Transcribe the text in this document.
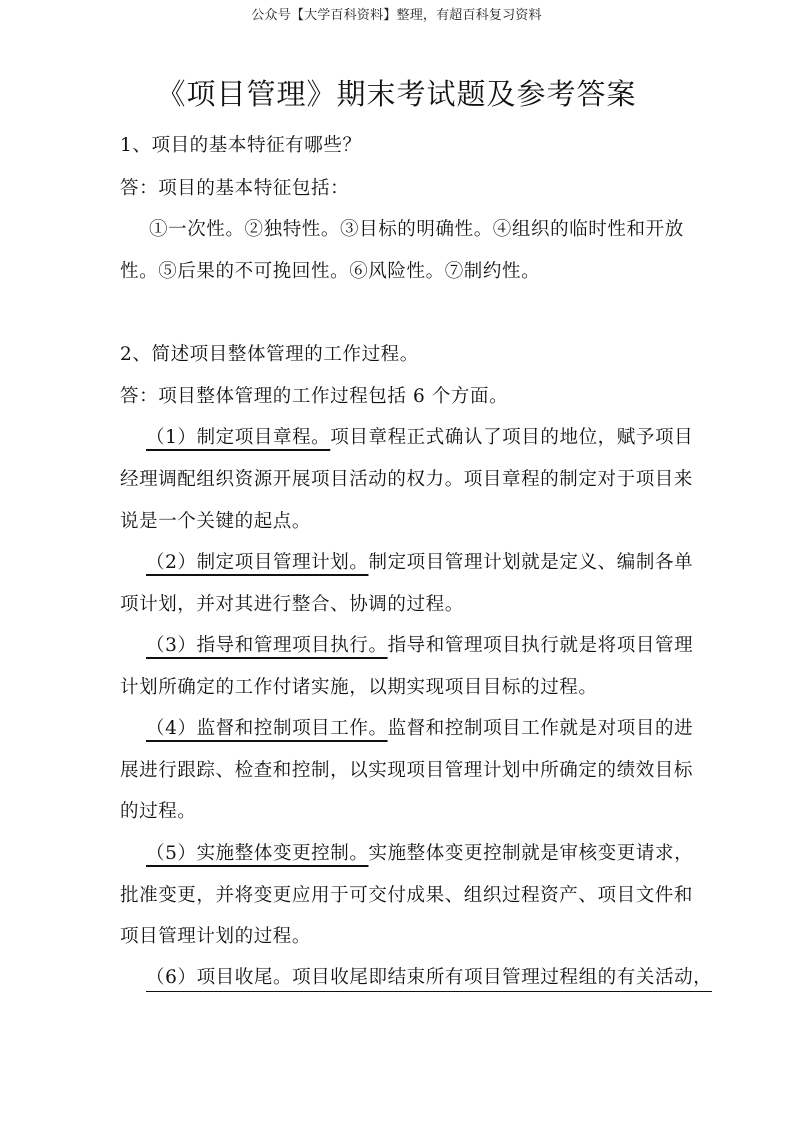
公众号【大学百科资料】整理，有超百科复习资料
《项目管理》期末考试题及参考答案
1、项目的基本特征有哪些？
答：项目的基本特征包括：
①一次性。②独特性。③目标的明确性。④组织的临时性和开放
性。⑤后果的不可挽回性。⑥风险性。⑦制约性。
2、简述项目整体管理的工作过程。
答：项目整体管理的工作过程包括 6 个方面。
（1）制定项目章程。项目章程正式确认了项目的地位，赋予项目
经理调配组织资源开展项目活动的权力。项目章程的制定对于项目来
说是一个关键的起点。
（2）制定项目管理计划。制定项目管理计划就是定义、编制各单
项计划，并对其进行整合、协调的过程。
（3）指导和管理项目执行。指导和管理项目执行就是将项目管理
计划所确定的工作付诸实施，以期实现项目目标的过程。
（4）监督和控制项目工作。监督和控制项目工作就是对项目的进
展进行跟踪、检查和控制，以实现项目管理计划中所确定的绩效目标
的过程。
（5）实施整体变更控制。实施整体变更控制就是审核变更请求，
批准变更，并将变更应用于可交付成果、组织过程资产、项目文件和
项目管理计划的过程。
（6）项目收尾。项目收尾即结束所有项目管理过程组的有关活动，
